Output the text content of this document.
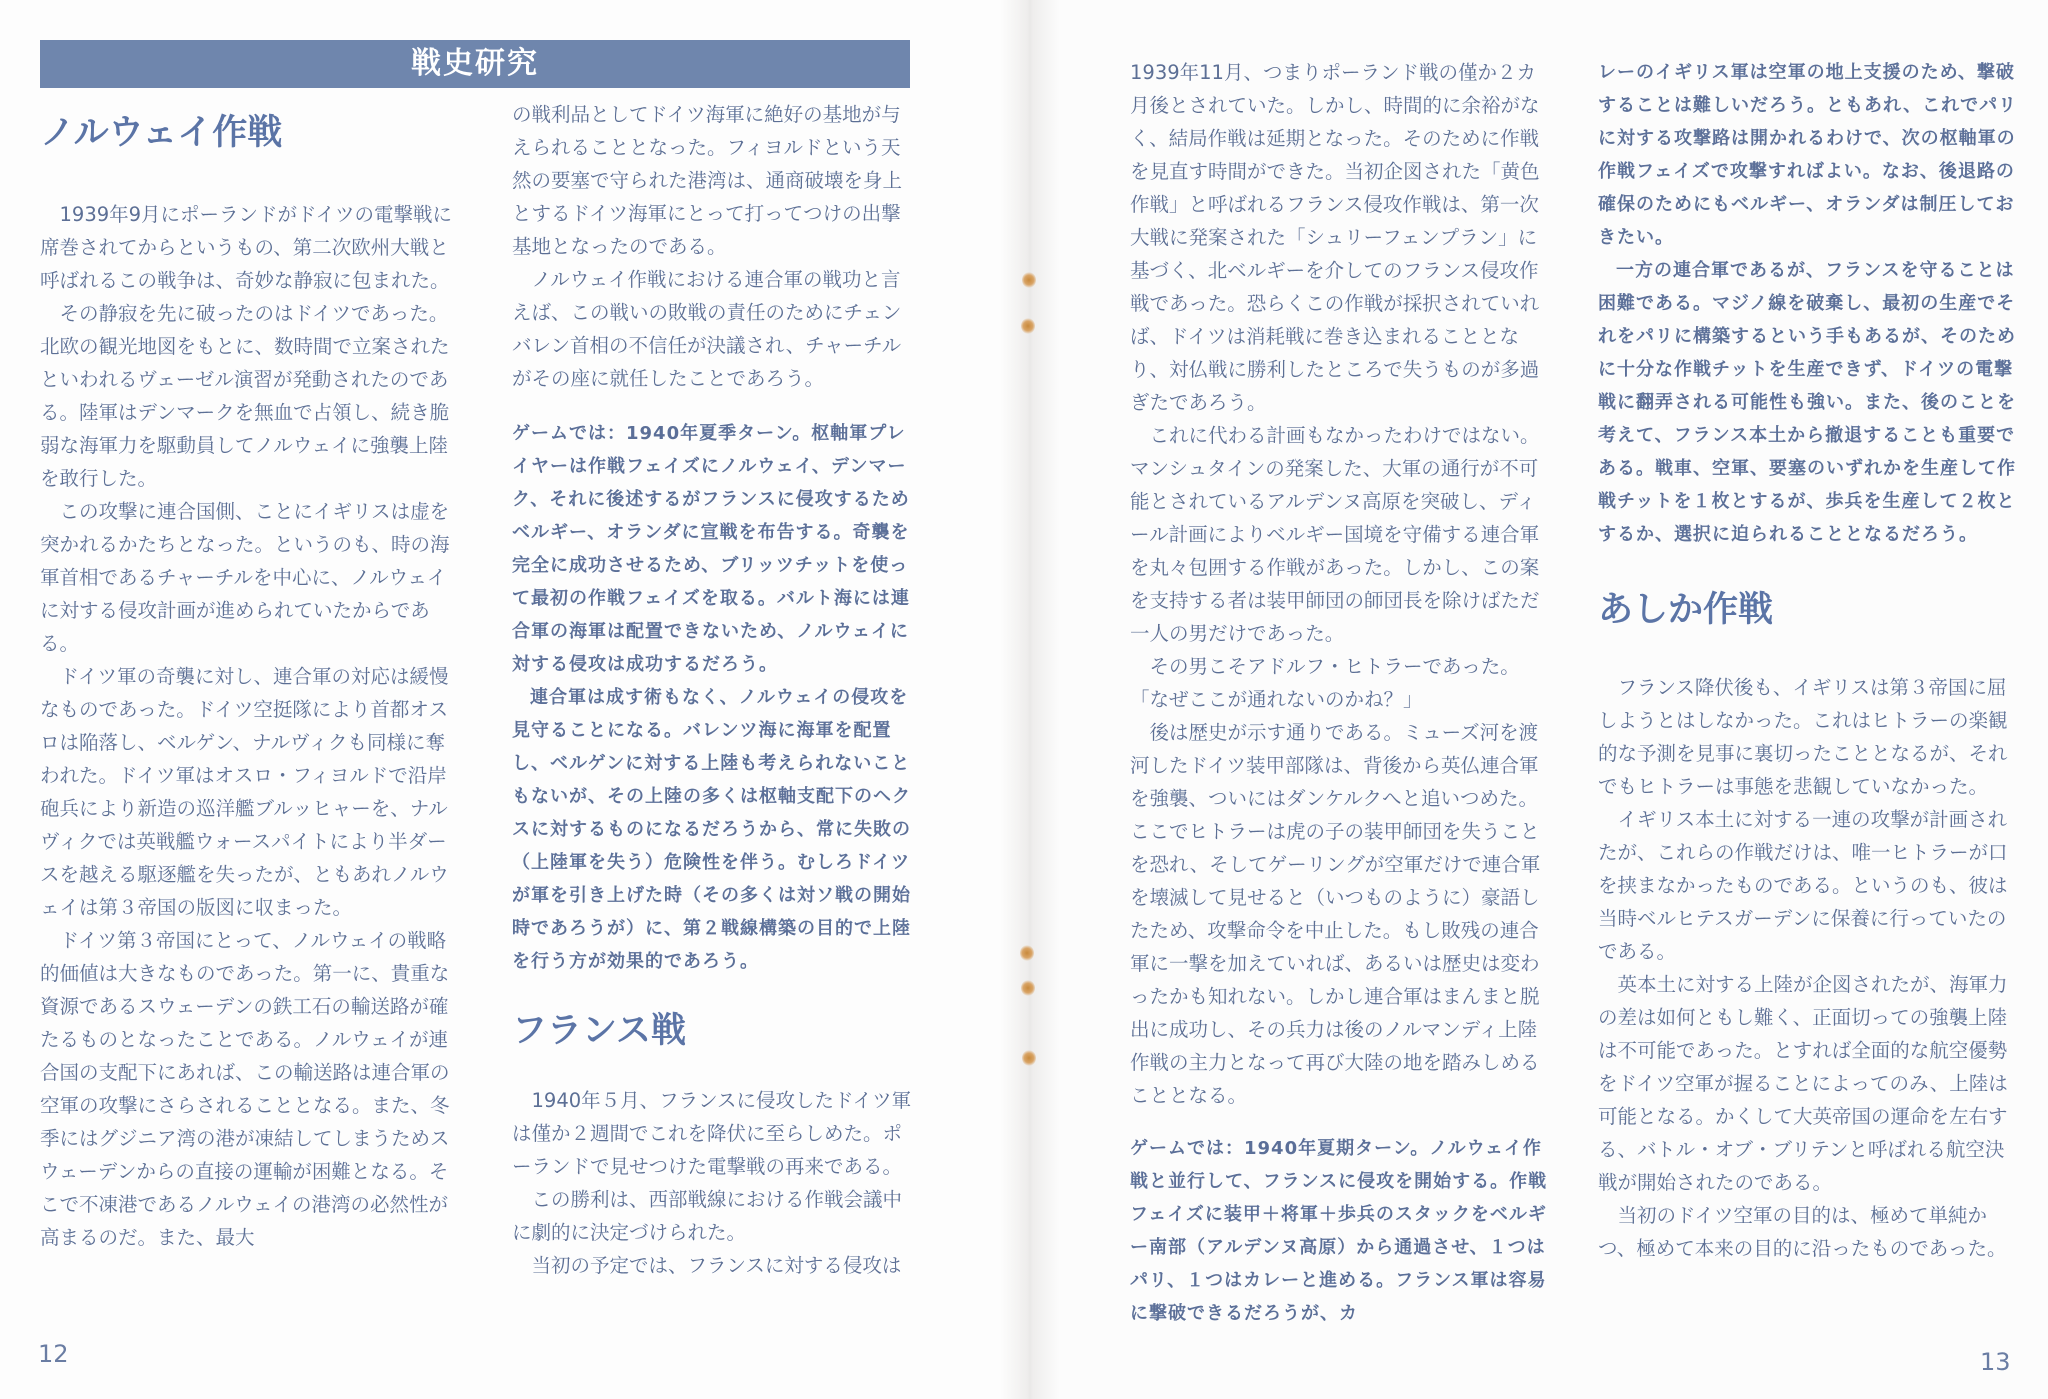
戦史研究
ノルウェイ作戦

1939年9月にポーランドがドイツの電撃戦に席巻されてからというもの、第二次欧州大戦と呼ばれるこの戦争は、奇妙な静寂に包まれた。

その静寂を先に破ったのはドイツであった。北欧の観光地図をもとに、数時間で立案されたといわれるヴェーゼル演習が発動されたのである。陸軍はデンマークを無血で占領し、続き脆弱な海軍力を駆動員してノルウェイに強襲上陸を敢行した。

この攻撃に連合国側、ことにイギリスは虚を突かれるかたちとなった。というのも、時の海軍首相であるチャーチルを中心に、ノルウェイに対する侵攻計画が進められていたからである。

ドイツ軍の奇襲に対し、連合軍の対応は緩慢なものであった。ドイツ空挺隊により首都オスロは陥落し、ベルゲン、ナルヴィクも同様に奪われた。ドイツ軍はオスロ・フィヨルドで沿岸砲兵により新造の巡洋艦ブルッヒャーを、ナルヴィクでは英戦艦ウォースパイトにより半ダースを越える駆逐艦を失ったが、ともあれノルウェイは第３帝国の版図に収まった。

ドイツ第３帝国にとって、ノルウェイの戦略的価値は大きなものであった。第一に、貴重な資源であるスウェーデンの鉄工石の輸送路が確たるものとなったことである。ノルウェイが連合国の支配下にあれば、この輸送路は連合軍の空軍の攻撃にさらされることとなる。また、冬季にはグジニア湾の港が凍結してしまうためスウェーデンからの直接の運輸が困難となる。そこで不凍港であるノルウェイの港湾の必然性が高まるのだ。また、最大

の戦利品としてドイツ海軍に絶好の基地が与えられることとなった。フィヨルドという天然の要塞で守られた港湾は、通商破壊を身上とするドイツ海軍にとって打ってつけの出撃基地となったのである。

ノルウェイ作戦における連合軍の戦功と言えば、この戦いの敗戦の責任のためにチェンバレン首相の不信任が決議され、チャーチルがその座に就任したことであろう。

ゲームでは：1940年夏季ターン。枢軸軍プレイヤーは作戦フェイズにノルウェイ、デンマーク、それに後述するがフランスに侵攻するためベルギー、オランダに宣戦を布告する。奇襲を完全に成功させるため、ブリッツチットを使って最初の作戦フェイズを取る。バルト海には連合軍の海軍は配置できないため、ノルウェイに対する侵攻は成功するだろう。

連合軍は成す術もなく、ノルウェイの侵攻を見守ることになる。バレンツ海に海軍を配置し、ベルゲンに対する上陸も考えられないこともないが、その上陸の多くは枢軸支配下のヘクスに対するものになるだろうから、常に失敗の（上陸軍を失う）危険性を伴う。むしろドイツが軍を引き上げた時（その多くは対ソ戦の開始時であろうが）に、第２戦線構築の目的で上陸を行う方が効果的であろう。

フランス戦

1940年５月、フランスに侵攻したドイツ軍は僅か２週間でこれを降伏に至らしめた。ポーランドで見せつけた電撃戦の再来である。

この勝利は、西部戦線における作戦会議中に劇的に決定づけられた。

当初の予定では、フランスに対する侵攻は

12

1939年11月、つまりポーランド戦の僅か２カ月後とされていた。しかし、時間的に余裕がなく、結局作戦は延期となった。そのために作戦を見直す時間ができた。当初企図された「黄色作戦」と呼ばれるフランス侵攻作戦は、第一次大戦に発案された「シュリーフェンプラン」に基づく、北ベルギーを介してのフランス侵攻作戦であった。恐らくこの作戦が採択されていれば、ドイツは消耗戦に巻き込まれることとなり、対仏戦に勝利したところで失うものが多過ぎたであろう。

これに代わる計画もなかったわけではない。マンシュタインの発案した、大軍の通行が不可能とされているアルデンヌ高原を突破し、ディール計画によりベルギー国境を守備する連合軍を丸々包囲する作戦があった。しかし、この案を支持する者は装甲師団の師団長を除けばただ一人の男だけであった。

その男こそアドルフ・ヒトラーであった。

「なぜここが通れないのかね？」

後は歴史が示す通りである。ミューズ河を渡河したドイツ装甲部隊は、背後から英仏連合軍を強襲、ついにはダンケルクへと追いつめた。ここでヒトラーは虎の子の装甲師団を失うことを恐れ、そしてゲーリングが空軍だけで連合軍を壊滅して見せると（いつものように）豪語したため、攻撃命令を中止した。もし敗残の連合軍に一撃を加えていれば、あるいは歴史は変わったかも知れない。しかし連合軍はまんまと脱出に成功し、その兵力は後のノルマンディ上陸作戦の主力となって再び大陸の地を踏みしめることとなる。

ゲームでは：1940年夏期ターン。ノルウェイ作戦と並行して、フランスに侵攻を開始する。作戦フェイズに装甲＋将軍＋歩兵のスタックをベルギー南部（アルデンヌ高原）から通過させ、１つはパリ、１つはカレーと進める。フランス軍は容易に撃破できるだろうが、カ

レーのイギリス軍は空軍の地上支援のため、撃破することは難しいだろう。ともあれ、これでパリに対する攻撃路は開かれるわけで、次の枢軸軍の作戦フェイズで攻撃すればよい。なお、後退路の確保のためにもベルギー、オランダは制圧しておきたい。

一方の連合軍であるが、フランスを守ることは困難である。マジノ線を破棄し、最初の生産でそれをパリに構築するという手もあるが、そのために十分な作戦チットを生産できず、ドイツの電撃戦に翻弄される可能性も強い。また、後のことを考えて、フランス本土から撤退することも重要である。戦車、空軍、要塞のいずれかを生産して作戦チットを１枚とするが、歩兵を生産して２枚とするか、選択に迫られることとなるだろう。

あしか作戦

フランス降伏後も、イギリスは第３帝国に屈しようとはしなかった。これはヒトラーの楽観的な予測を見事に裏切ったこととなるが、それでもヒトラーは事態を悲観していなかった。

イギリス本土に対する一連の攻撃が計画されたが、これらの作戦だけは、唯一ヒトラーが口を挟まなかったものである。というのも、彼は当時ベルヒテスガーデンに保養に行っていたのである。

英本土に対する上陸が企図されたが、海軍力の差は如何ともし難く、正面切っての強襲上陸は不可能であった。とすれば全面的な航空優勢をドイツ空軍が握ることによってのみ、上陸は可能となる。かくして大英帝国の運命を左右する、バトル・オブ・ブリテンと呼ばれる航空決戦が開始されたのである。

当初のドイツ空軍の目的は、極めて単純かつ、極めて本来の目的に沿ったものであった。

13
